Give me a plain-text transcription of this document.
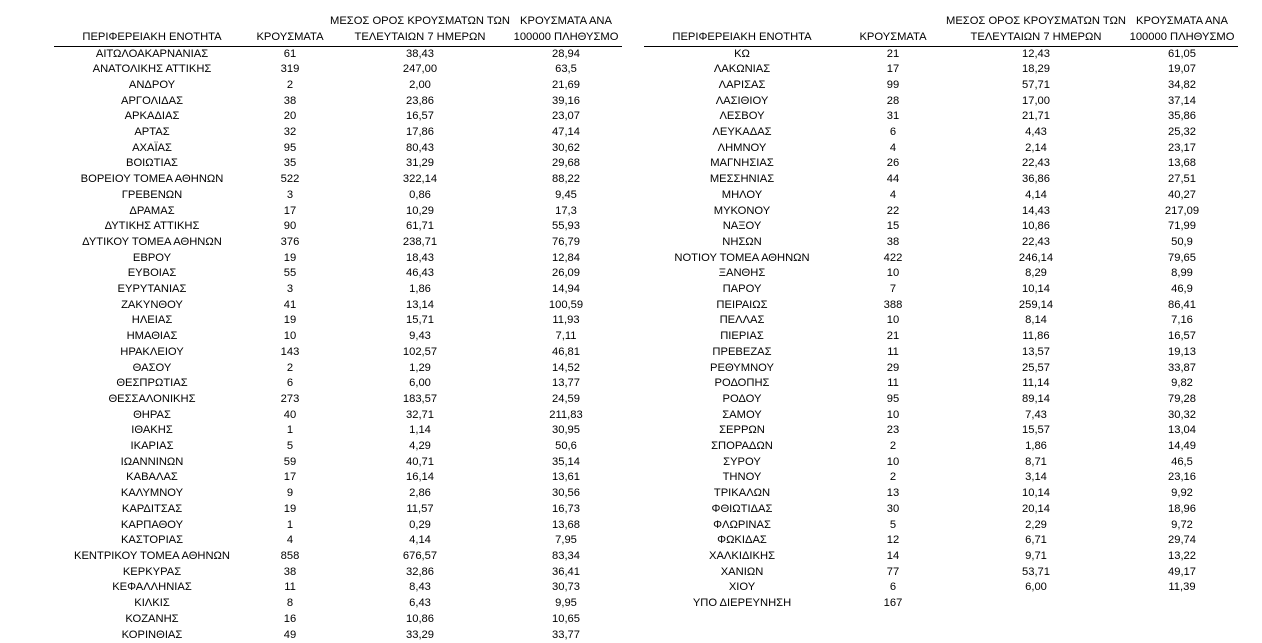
ΠΕΡΙΦΕΡΕΙΑΚΗ ΕΝΟΤΗΤΑ	ΚΡΟΥΣΜΑΤΑ	ΜΕΣΟΣ ΟΡΟΣ ΚΡΟΥΣΜΑΤΩΝ ΤΩΝ ΤΕΛΕΥΤΑΙΩΝ 7 ΗΜΕΡΩΝ	ΚΡΟΥΣΜΑΤΑ ΑΝΑ 100000 ΠΛΗΘΥΣΜΟ
ΑΙΤΩΛΟΑΚΑΡΝΑΝΙΑΣ	61	38,43	28,94
ΑΝΑΤΟΛΙΚΗΣ ΑΤΤΙΚΗΣ	319	247,00	63,5
ΑΝΔΡΟΥ	2	2,00	21,69
ΑΡΓΟΛΙΔΑΣ	38	23,86	39,16
ΑΡΚΑΔΙΑΣ	20	16,57	23,07
ΑΡΤΑΣ	32	17,86	47,14
ΑΧΑΪΑΣ	95	80,43	30,62
ΒΟΙΩΤΙΑΣ	35	31,29	29,68
ΒΟΡΕΙΟΥ ΤΟΜΕΑ ΑΘΗΝΩΝ	522	322,14	88,22
ΓΡΕΒΕΝΩΝ	3	0,86	9,45
ΔΡΑΜΑΣ	17	10,29	17,3
ΔΥΤΙΚΗΣ ΑΤΤΙΚΗΣ	90	61,71	55,93
ΔΥΤΙΚΟΥ ΤΟΜΕΑ ΑΘΗΝΩΝ	376	238,71	76,79
ΕΒΡΟΥ	19	18,43	12,84
ΕΥΒΟΙΑΣ	55	46,43	26,09
ΕΥΡΥΤΑΝΙΑΣ	3	1,86	14,94
ΖΑΚΥΝΘΟΥ	41	13,14	100,59
ΗΛΕΙΑΣ	19	15,71	11,93
ΗΜΑΘΙΑΣ	10	9,43	7,11
ΗΡΑΚΛΕΙΟΥ	143	102,57	46,81
ΘΑΣΟΥ	2	1,29	14,52
ΘΕΣΠΡΩΤΙΑΣ	6	6,00	13,77
ΘΕΣΣΑΛΟΝΙΚΗΣ	273	183,57	24,59
ΘΗΡΑΣ	40	32,71	211,83
ΙΘΑΚΗΣ	1	1,14	30,95
ΙΚΑΡΙΑΣ	5	4,29	50,6
ΙΩΑΝΝΙΝΩΝ	59	40,71	35,14
ΚΑΒΑΛΑΣ	17	16,14	13,61
ΚΑΛΥΜΝΟΥ	9	2,86	30,56
ΚΑΡΔΙΤΣΑΣ	19	11,57	16,73
ΚΑΡΠΑΘΟΥ	1	0,29	13,68
ΚΑΣΤΟΡΙΑΣ	4	4,14	7,95
ΚΕΝΤΡΙΚΟΥ ΤΟΜΕΑ ΑΘΗΝΩΝ	858	676,57	83,34
ΚΕΡΚΥΡΑΣ	38	32,86	36,41
ΚΕΦΑΛΛΗΝΙΑΣ	11	8,43	30,73
ΚΙΛΚΙΣ	8	6,43	9,95
ΚΟΖΑΝΗΣ	16	10,86	10,65
ΚΟΡΙΝΘΙΑΣ	49	33,29	33,77
ΠΕΡΙΦΕΡΕΙΑΚΗ ΕΝΟΤΗΤΑ	ΚΡΟΥΣΜΑΤΑ	ΜΕΣΟΣ ΟΡΟΣ ΚΡΟΥΣΜΑΤΩΝ ΤΩΝ ΤΕΛΕΥΤΑΙΩΝ 7 ΗΜΕΡΩΝ	ΚΡΟΥΣΜΑΤΑ ΑΝΑ 100000 ΠΛΗΘΥΣΜΟ
ΚΩ	21	12,43	61,05
ΛΑΚΩΝΙΑΣ	17	18,29	19,07
ΛΑΡΙΣΑΣ	99	57,71	34,82
ΛΑΣΙΘΙΟΥ	28	17,00	37,14
ΛΕΣΒΟΥ	31	21,71	35,86
ΛΕΥΚΑΔΑΣ	6	4,43	25,32
ΛΗΜΝΟΥ	4	2,14	23,17
ΜΑΓΝΗΣΙΑΣ	26	22,43	13,68
ΜΕΣΣΗΝΙΑΣ	44	36,86	27,51
ΜΗΛΟΥ	4	4,14	40,27
ΜΥΚΟΝΟΥ	22	14,43	217,09
ΝΑΞΟΥ	15	10,86	71,99
ΝΗΣΩΝ	38	22,43	50,9
ΝΟΤΙΟΥ ΤΟΜΕΑ ΑΘΗΝΩΝ	422	246,14	79,65
ΞΑΝΘΗΣ	10	8,29	8,99
ΠΑΡΟΥ	7	10,14	46,9
ΠΕΙΡΑΙΩΣ	388	259,14	86,41
ΠΕΛΛΑΣ	10	8,14	7,16
ΠΙΕΡΙΑΣ	21	11,86	16,57
ΠΡΕΒΕΖΑΣ	11	13,57	19,13
ΡΕΘΥΜΝΟΥ	29	25,57	33,87
ΡΟΔΟΠΗΣ	11	11,14	9,82
ΡΟΔΟΥ	95	89,14	79,28
ΣΑΜΟΥ	10	7,43	30,32
ΣΕΡΡΩΝ	23	15,57	13,04
ΣΠΟΡΑΔΩΝ	2	1,86	14,49
ΣΥΡΟΥ	10	8,71	46,5
ΤΗΝΟΥ	2	3,14	23,16
ΤΡΙΚΑΛΩΝ	13	10,14	9,92
ΦΘΙΩΤΙΔΑΣ	30	20,14	18,96
ΦΛΩΡΙΝΑΣ	5	2,29	9,72
ΦΩΚΙΔΑΣ	12	6,71	29,74
ΧΑΛΚΙΔΙΚΗΣ	14	9,71	13,22
ΧΑΝΙΩΝ	77	53,71	49,17
ΧΙΟΥ	6	6,00	11,39
ΥΠΟ ΔΙΕΡΕΥΝΗΣΗ	167		
